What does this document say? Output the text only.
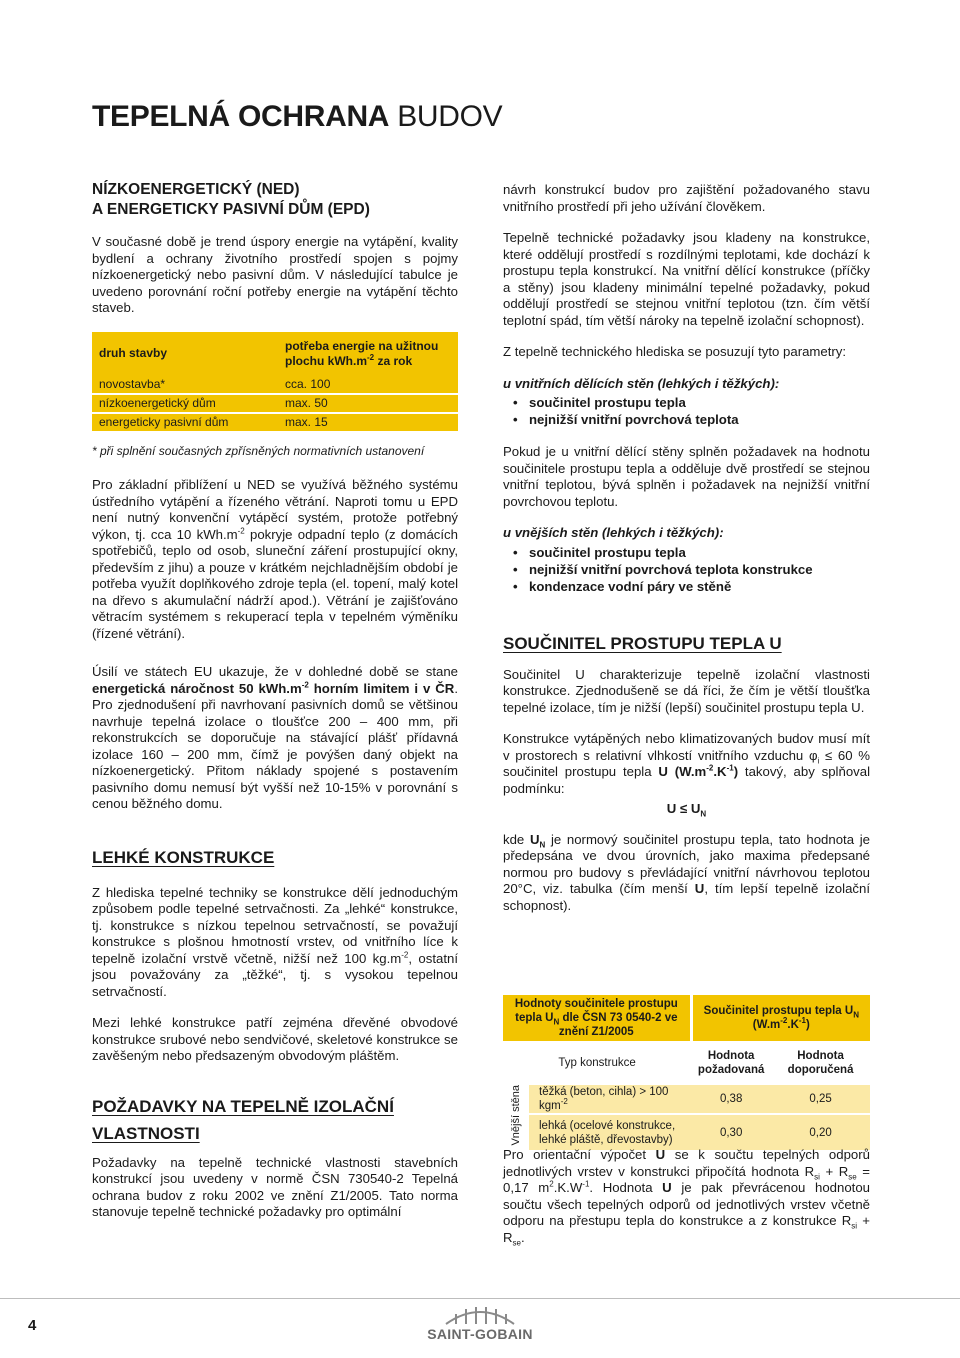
TEPELNÁ OCHRANA BUDOV
NÍZKOENERGETICKÝ (NED)
A ENERGETICKY PASIVNÍ DŮM (EPD)

V současné době je trend úspory energie na vytápění, kvality bydlení a ochrany životního prostředí spojen s pojmy nízkoenergetický nebo pasivní dům. V následující tabulce je uvedeno porovnání roční potřeby energie na vytápění těchto staveb.

druh stavby	potřeba energie na užitnou plochu $kWh.m^{-2}$ za rok
novostavba*	cca. 100
nízkoenergetický dům	max. 50
energeticky pasivní dům	max. 15

* při splnění současných zpřísněných normativních ustanovení

Pro základní přiblížení u NED se využívá běžného systému ústředního vytápění a řízeného větrání. Naproti tomu u EPD není nutný konvenční vytápěcí systém, protože potřebný výkon, tj. cca 10 $kWh.m^{-2}$ pokryje odpadní teplo (z domácích spotřebičů, teplo od osob, sluneční záření prostupující okny, především z jihu) a pouze v krátkém nejchladnějším období je potřeba využít doplňkového zdroje tepla (el. topení, malý kotel na dřevo s akumulační nádrží apod.). Větrání je zajišťováno větracím systémem s rekuperací tepla v tepelném výměníku (řízené větrání).

Úsilí ve státech EU ukazuje, že v dohledné době se stane energetická náročnost 50 $kWh.m^{-2}$ horním limitem i v ČR. Pro zjednodušení při navrhovaní pasivních domů se většinou navrhuje tepelná izolace o tloušťce 200 – 400 mm, při rekonstrukcích se doporučuje na stávající plášť přídavná izolace 160 – 200 mm, čímž je povýšen daný objekt na nízkoenergetický. Přitom náklady spojené s postavením pasivního domu nemusí být vyšší než 10-15% v porovnání s cenou běžného domu.

LEHKÉ KONSTRUKCE

Z hlediska tepelné techniky se konstrukce dělí jednoduchým způsobem podle tepelné setrvačnosti. Za „lehké“ konstrukce, tj. konstrukce s nízkou tepelnou setrvačností, se považují konstrukce s plošnou hmotností vrstev, od vnitřního líce k tepelně izolační vrstvě včetně, nižší než 100 $kg.m^{-2}$, ostatní jsou považovány za „těžké“, tj. s vysokou tepelnou setrvačností.

Mezi lehké konstrukce patří zejména dřevěné obvodové konstrukce srubové nebo sendvičové, skeletové konstrukce se zavěšeným nebo předsazeným obvodovým pláštěm.

POŽADAVKY NA TEPELNĚ IZOLAČNÍ VLASTNOSTI

Požadavky na tepelně technické vlastnosti stavebních konstrukcí jsou uvedeny v normě ČSN 730540-2 Tepelná ochrana budov z roku 2002 ve znění Z1/2005. Tato norma stanovuje tepelně technické požadavky pro optimální

návrh konstrukcí budov pro zajištění požadovaného stavu vnitřního prostředí při jeho užívání člověkem.

Tepelně technické požadavky jsou kladeny na konstrukce, které oddělují prostředí s rozdílnými teplotami, kde dochází k prostupu tepla konstrukcí. Na vnitřní dělící konstrukce (příčky a stěny) jsou kladeny minimální tepelné požadavky, pokud oddělují prostředí se stejnou vnitřní teplotou (tzn. čím větší teplotní spád, tím větší nároky na tepelně izolační schopnost).

Z tepelně technického hlediska se posuzují tyto parametry:

u vnitřních dělících stěn (lehkých i těžkých):
• součinitel prostupu tepla
• nejnižší vnitřní povrchová teplota

Pokud je u vnitřní dělící stěny splněn požadavek na hodnotu součinitele prostupu tepla a odděluje dvě prostředí se stejnou vnitřní teplotou, bývá splněn i požadavek na nejnižší vnitřní povrchovou teplotu.

u vnějších stěn (lehkých i těžkých):
• součinitel prostupu tepla
• nejnižší vnitřní povrchová teplota konstrukce
• kondenzace vodní páry ve stěně
SOUČINITEL PROSTUPU TEPLA U

Součinitel U charakterizuje tepelně izolační vlastnosti konstrukce. Zjednodušeně se dá říci, že čím je větší tloušťka tepelné izolace, tím je nižší (lepší) součinitel prostupu tepla U.

Konstrukce vytápěných nebo klimatizovaných budov musí mít v prostorech s relativní vlhkostí vnitřního vzduchu $\varphi_i \le 60$ % součinitel prostupu tepla U $(W.m^{-2}.K^{-1})$ takový, aby splňoval podmínku:

$U \le U_N$

kde $U_N$ je normový součinitel prostupu tepla, tato hodnota je předepsána ve dvou úrovních, jako maxima předepsané normou pro budovy s převládající vnitřní návrhovou teplotou 20°C, viz. tabulka (čím menší U, tím lepší tepelně izolační schopnost).

Hodnoty součinitele prostupu tepla $U_N$ dle ČSN 73 0540-2 ve znění Z1/2005		Součinitel prostupu tepla $U_N$ $(W.m^{-2}.K^{-1})$	
Typ konstrukce		Hodnota požadovaná	Hodnota doporučená
Vnější stěna	těžká (beton, cihla) > 100 kgm$^{-2}$	0,38	0,25
	lehká (ocelové konstrukce, lehké pláště, dřevostavby)	0,30	0,20

Pro orientační výpočet U se k součtu tepelných odporů jednotlivých vrstev v konstrukci připočítá hodnota $R_{si} + R_{se} = 0,17$ $m^2.K.W^{-1}$. Hodnota U je pak převrácenou hodnotou součtu všech tepelných odporů od jednotlivých vrstev včetně odporu na přestupu tepla do konstrukce a z konstrukce $R_{si} + R_{se}$.

4	SAINT-GOBAIN
